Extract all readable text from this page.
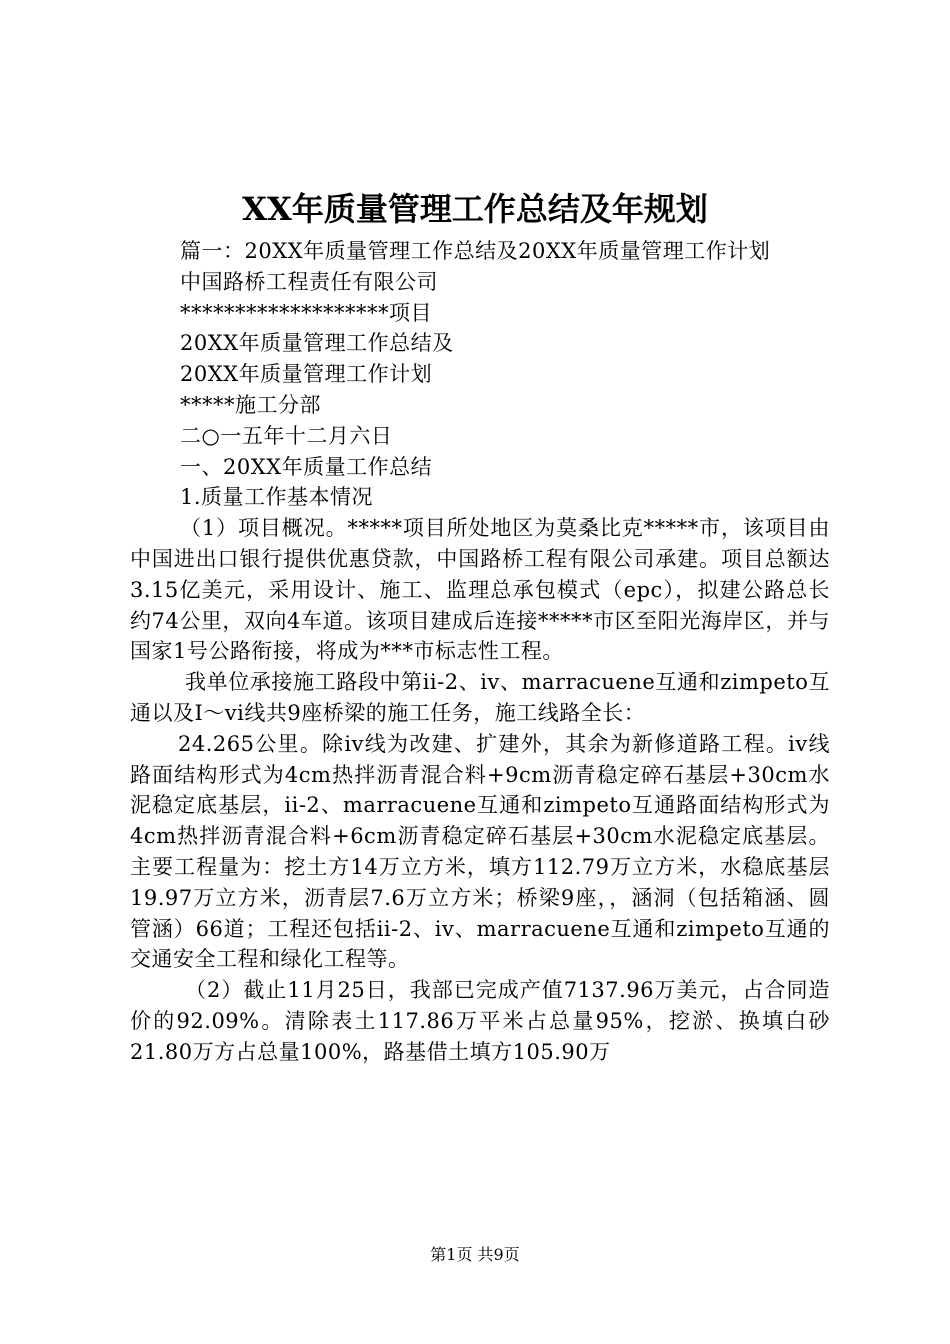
XX年质量管理工作总结及年规划

篇一：20XX年质量管理工作总结及20XX年质量管理工作计划

中国路桥工程责任有限公司

*******************项目

20XX年质量管理工作总结及

20XX年质量管理工作计划

*****施工分部

二○一五年十二月六日

一、20XX年质量工作总结

1.质量工作基本情况

（1）项目概况。*****项目所处地区为莫桑比克*****市，该项目由中国进出口银行提供优惠贷款，中国路桥工程有限公司承建。项目总额达3.15亿美元，采用设计、施工、监理总承包模式（epc），拟建公路总长约74公里，双向4车道。该项目建成后连接*****市区至阳光海岸区，并与国家1号公路衔接，将成为***市标志性工程。

我单位承接施工路段中第ii-2、iv、marracuene互通和zimpeto互通以及Ⅰ～vi线共9座桥梁的施工任务，施工线路全长：

24.265公里。除iv线为改建、扩建外，其余为新修道路工程。iv线路面结构形式为4cm热拌沥青混合料+9cm沥青稳定碎石基层+30cm水泥稳定底基层，ii-2、marracuene互通和zimpeto互通路面结构形式为4cm热拌沥青混合料+6cm沥青稳定碎石基层+30cm水泥稳定底基层。主要工程量为：挖土方14万立方米，填方112.79万立方米，水稳底基层19.97万立方米，沥青层7.6万立方米；桥梁9座，，涵洞（包括箱涵、圆管涵）66道；工程还包括ii-2、iv、marracuene互通和zimpeto互通的交通安全工程和绿化工程等。

（2）截止11月25日，我部已完成产值7137.96万美元，占合同造价的92.09%。清除表土117.86万平米占总量95%，挖淤、换填白砂21.80万方占总量100%，路基借土填方105.90万

第1页 共9页
